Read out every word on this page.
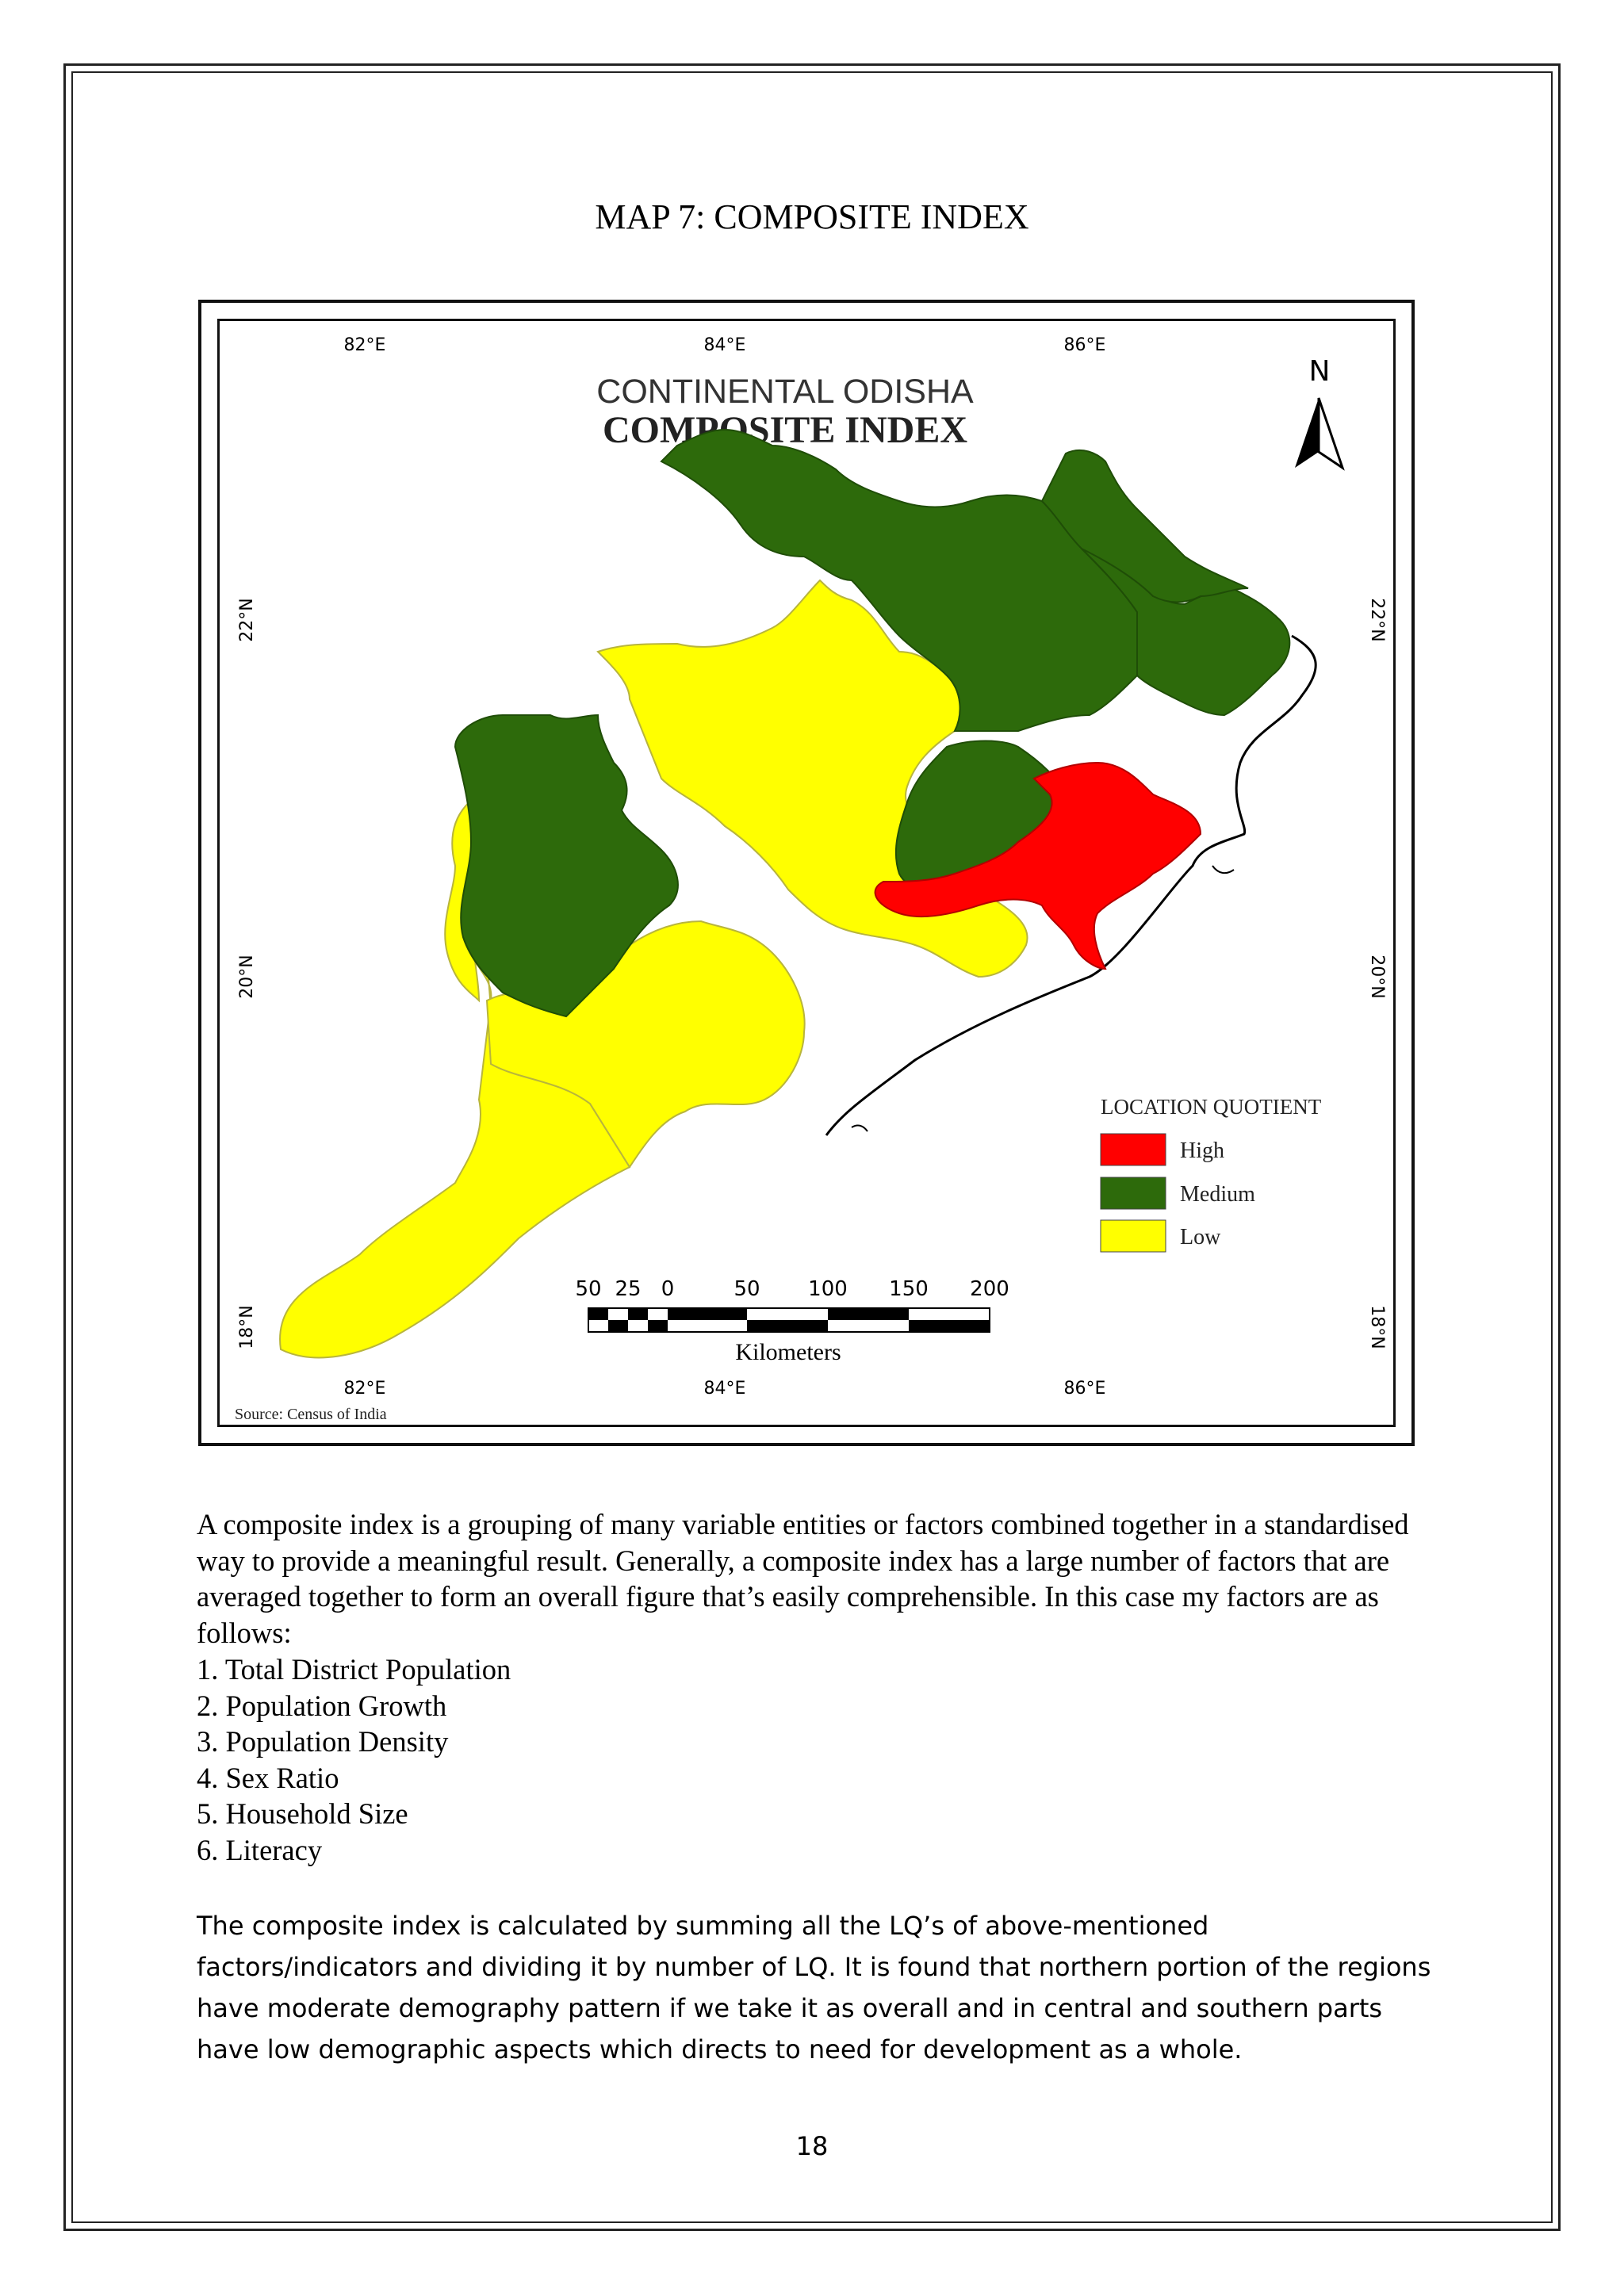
MAP 7: COMPOSITE INDEX
82°E	84°E	86°E
82°E	84°E	86°E
22°N
20°N
18°N
22°N
20°N
18°N
CONTINENTAL ODISHA
COMPOSITE INDEX
N
LOCATION QUOTIENT
High
Medium
Low
50 25 0	50 100 150 200
Kilometers
Source: Census of India

A composite index is a grouping of many variable entities or factors combined together in a standardised way to provide a meaningful result. Generally, a composite index has a large number of factors that are averaged together to form an overall figure that’s easily comprehensible. In this case my factors are as follows:

1. Total District Population
2. Population Growth
3. Population Density
4. Sex Ratio
5. Household Size
6. Literacy
The composite index is calculated by summing all the LQ’s of above-mentioned factors/indicators and dividing it by number of LQ. It is found that northern portion of the regions have moderate demography pattern if we take it as overall and in central and southern parts have low demographic aspects which directs to need for development as a whole.
18
